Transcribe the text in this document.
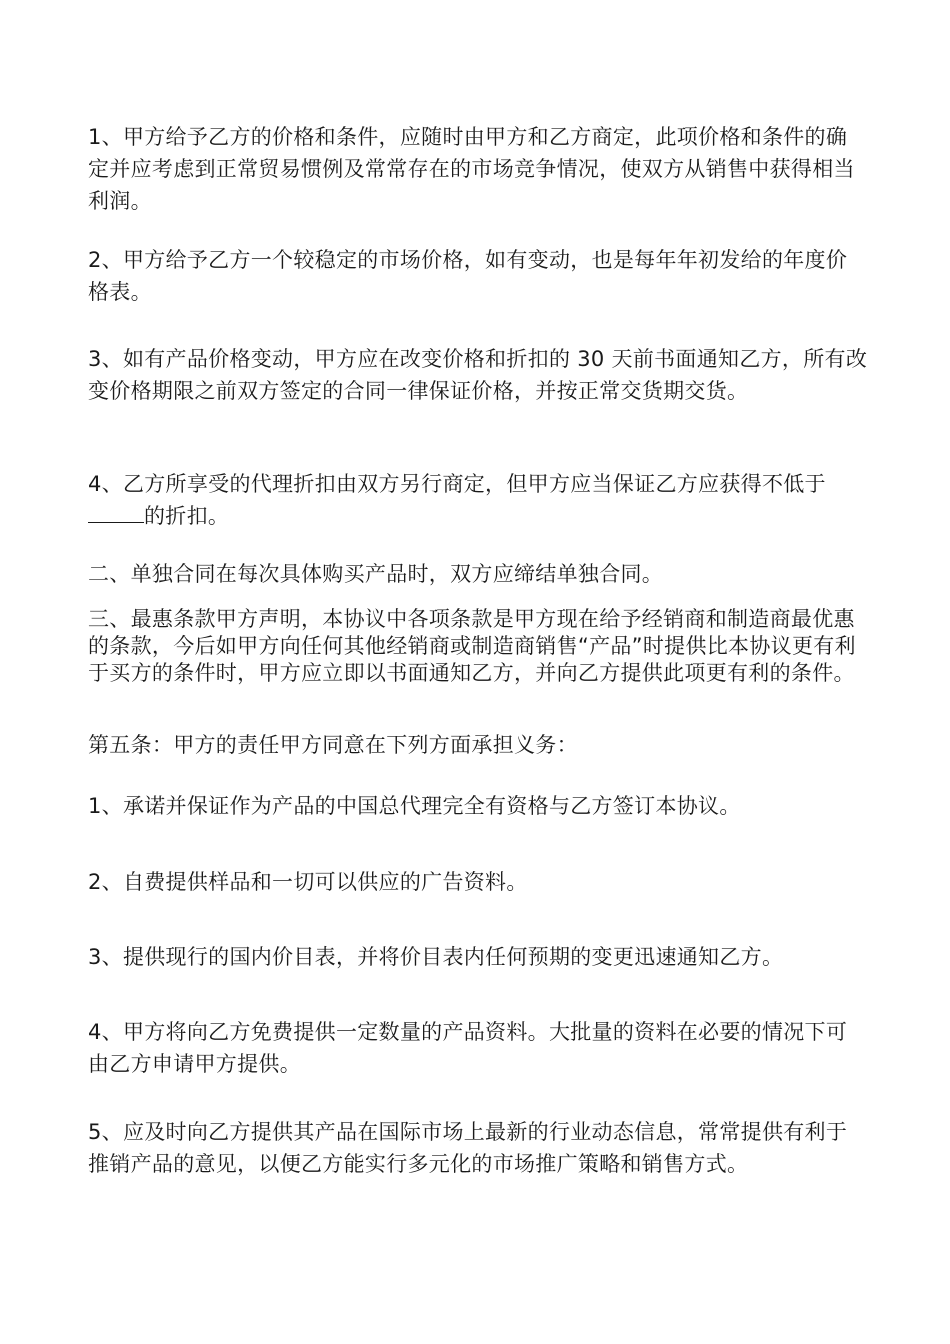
1、甲方给予乙方的价格和条件，应随时由甲方和乙方商定，此项价格和条件的确定并应考虑到正常贸易惯例及常常存在的市场竞争情况，使双方从销售中获得相当利润。

2、甲方给予乙方一个较稳定的市场价格，如有变动，也是每年年初发给的年度价格表。

3、如有产品价格变动，甲方应在改变价格和折扣的 30 天前书面通知乙方，所有改变价格期限之前双方签定的合同一律保证价格，并按正常交货期交货。

4、乙方所享受的代理折扣由双方另行商定，但甲方应当保证乙方应获得不低于的折扣。

二、单独合同在每次具体购买产品时，双方应缔结单独合同。

三、最惠条款甲方声明，本协议中各项条款是甲方现在给予经销商和制造商最优惠的条款，今后如甲方向任何其他经销商或制造商销售“产品”时提供比本协议更有利于买方的条件时，甲方应立即以书面通知乙方，并向乙方提供此项更有利的条件。

第五条：甲方的责任甲方同意在下列方面承担义务：

1、承诺并保证作为产品的中国总代理完全有资格与乙方签订本协议。

2、自费提供样品和一切可以供应的广告资料。

3、提供现行的国内价目表，并将价目表内任何预期的变更迅速通知乙方。

4、甲方将向乙方免费提供一定数量的产品资料。大批量的资料在必要的情况下可由乙方申请甲方提供。

5、应及时向乙方提供其产品在国际市场上最新的行业动态信息，常常提供有利于推销产品的意见，以便乙方能实行多元化的市场推广策略和销售方式。
